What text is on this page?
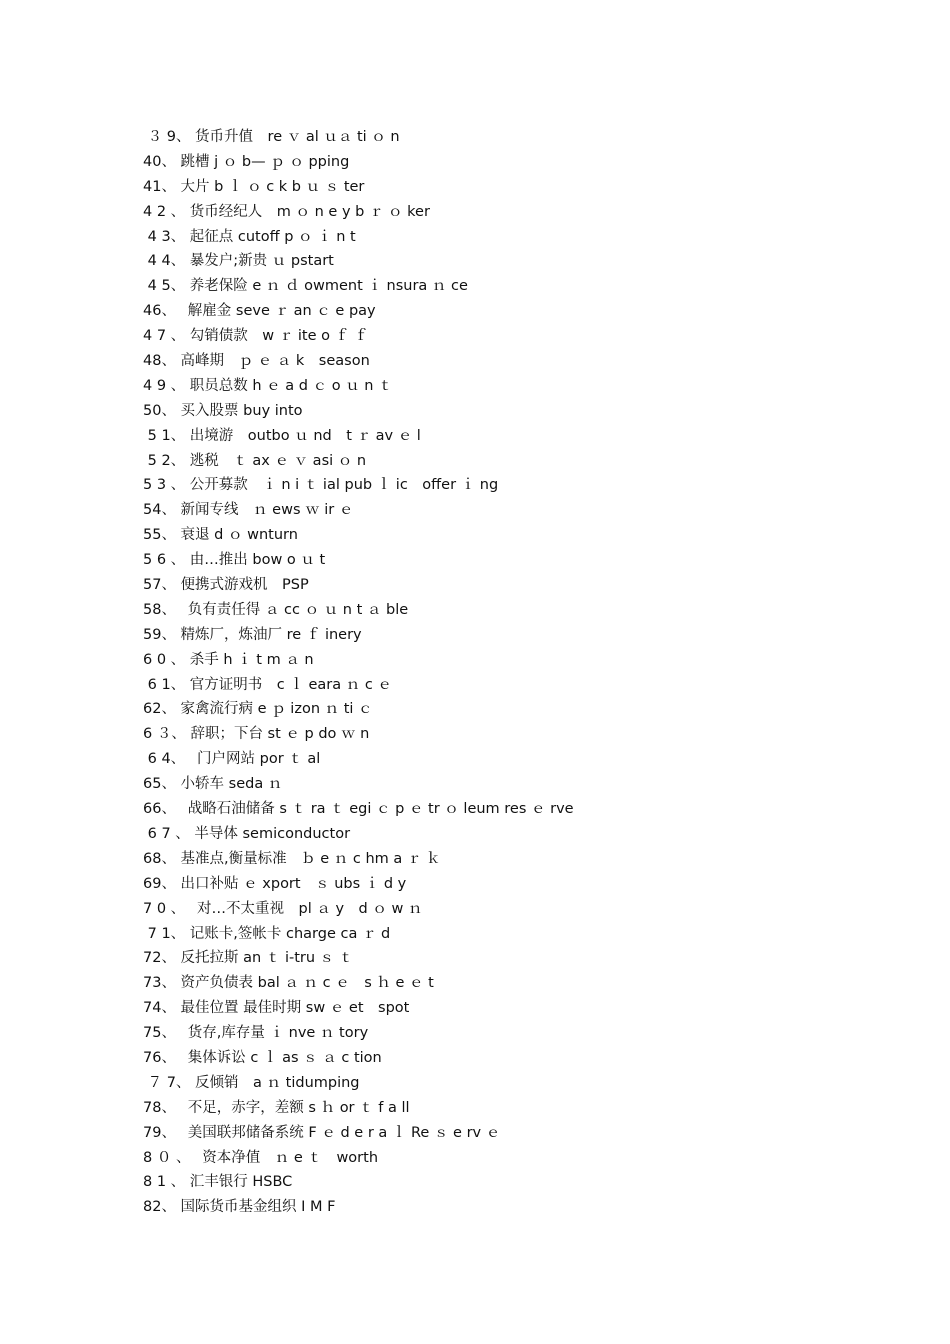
３ 9、 货币升值　re ｖ al ｕａ ti ｏ n
40、 跳槽 j ｏ b— ｐ ｏ pping
41、 大片 b ｌ ｏ c k b ｕ ｓ ter
4 2 、 货币经纪人　m ｏ n e y b ｒ ｏ ker
4 3、 起征点 cutoff p ｏ ｉ n t
4 4、 暴发户;新贵 ｕ pstart
4 5、 养老保险 e ｎ ｄ owment ｉ nsura ｎ ce
46、　 解雇金 seve ｒ an ｃ e pay
4 7 、 勾销债款　w ｒ ite o ｆ ｆ
48、 高峰期　ｐ ｅ ａ k　season
4 9 、 职员总数 h ｅ a d ｃ o ｕ n ｔ
50、 买入股票 buy into
5 1、 出境游　outbo ｕ nd　t ｒ av ｅ l
5 2、 逃税　ｔ ax ｅ ｖ asi ｏ n
5 3 、 公开募款　ｉ n i ｔ ial pub ｌ ic　offer ｉ ng
54、 新闻专线　ｎ ews ｗ ir ｅ
55、 衰退 d ｏ wnturn
5 6 、 由…推出 bow o ｕ t
57、 便携式游戏机　PSP
58、　 负有责任得 ａ cc ｏ ｕ n t ａ ble
59、 精炼厂，炼油厂 re ｆ inery
6 0 、 杀手 h ｉ t m ａ n
6 1、 官方证明书　c ｌ eara ｎ c ｅ
62、 家禽流行病 e ｐ izon ｎ ti ｃ
6 ３、 辞职；下台 st ｅ p do ｗ n
6 4、　 门户网站 por ｔ al
65、 小轿车 seda ｎ
66、　 战略石油储备 s ｔ ra ｔ egi ｃ p ｅ tr ｏ leum res ｅ rve
6 7 、 半导体 semiconductor
68、 基准点,衡量标准　ｂ e ｎ c hm a ｒ ｋ
69、 出口补贴 ｅ xport　ｓ ubs ｉ d y
7 0 、　 对…不太重视　pl ａ y　d ｏ w ｎ
7 1、 记账卡,签帐卡 charge ca ｒ d
72、 反托拉斯 an ｔ i-tru ｓ ｔ
73、 资产负债表 bal ａ ｎ c ｅ　s ｈ e ｅ t
74、 最佳位置 最佳时期 sw ｅ et　spot
75、　 货存,库存量 ｉ nve ｎ tory
76、　 集体诉讼 c ｌ as ｓ ａ c tion
７ 7、 反倾销　a ｎ tidumping
78、　 不足，赤字，差额 s ｈ or ｔ f a ll
79、　 美国联邦储备系统 F ｅ d e r a ｌ Re ｓ e rv ｅ
8 ０ 、　 资本净值　ｎ e ｔ　worth
8 1 、 汇丰银行 HSBC
82、 国际货币基金组织 I M F
